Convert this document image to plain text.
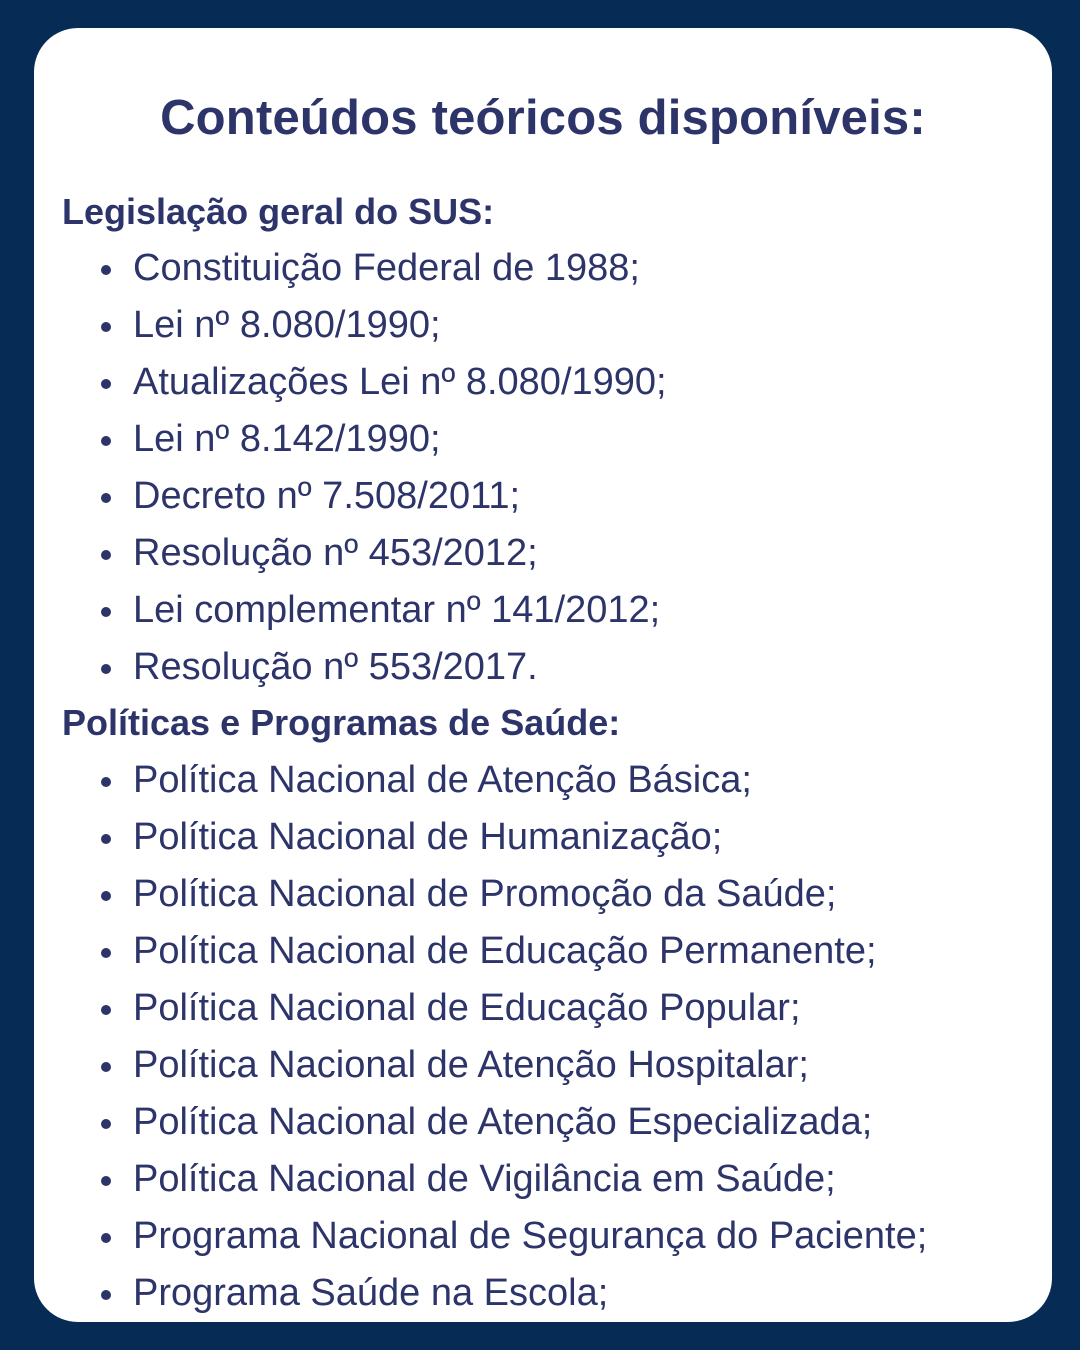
Conteúdos teóricos disponíveis:
Legislação geral do SUS:
Constituição Federal de 1988;
Lei nº 8.080/1990;
Atualizações Lei nº 8.080/1990;
Lei nº 8.142/1990;
Decreto nº 7.508/2011;
Resolução nº 453/2012;
Lei complementar nº 141/2012;
Resolução nº 553/2017.
Políticas e Programas de Saúde:
Política Nacional de Atenção Básica;
Política Nacional de Humanização;
Política Nacional de Promoção da Saúde;
Política Nacional de Educação Permanente;
Política Nacional de Educação Popular;
Política Nacional de Atenção Hospitalar;
Política Nacional de Atenção Especializada;
Política Nacional de Vigilância em Saúde;
Programa Nacional de Segurança do Paciente;
Programa Saúde na Escola;
